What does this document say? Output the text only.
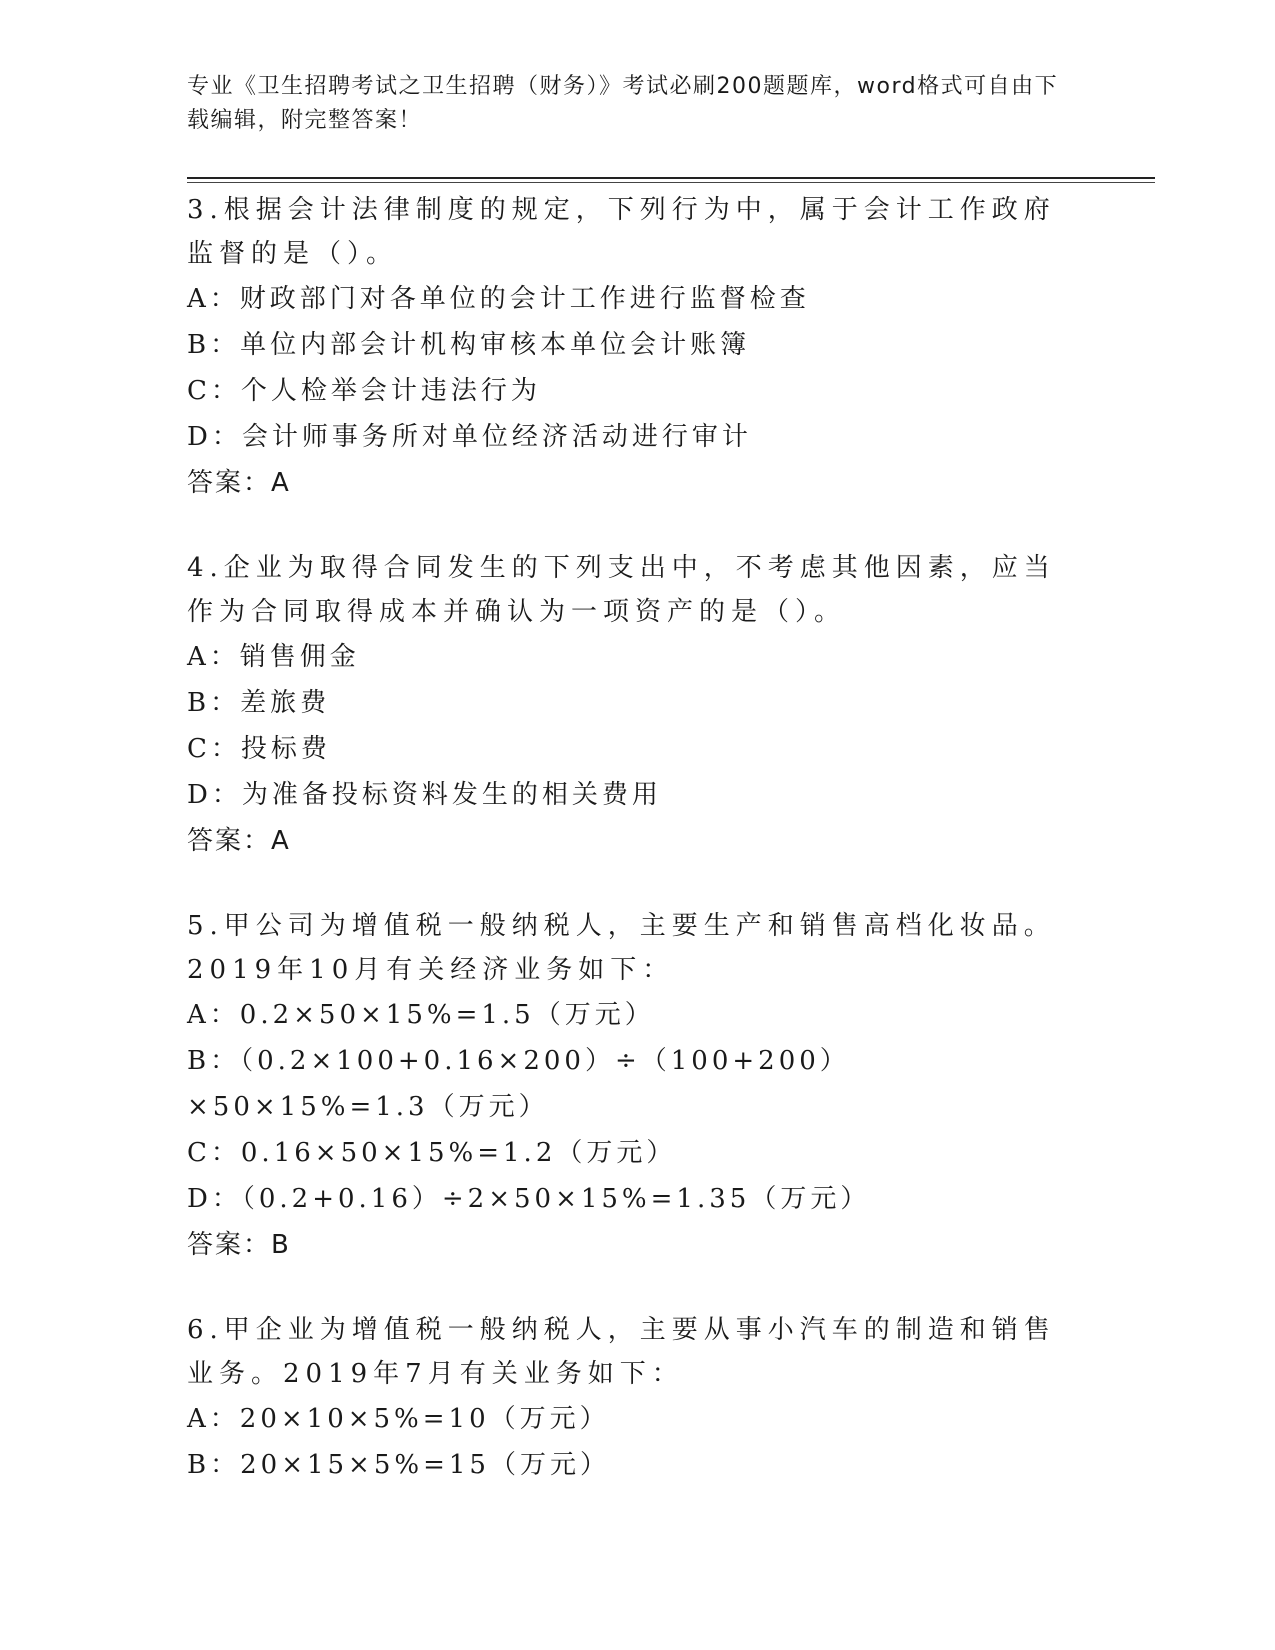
专业《卫生招聘考试之卫生招聘（财务）》考试必刷200题题库，word格式可自由下载编辑，附完整答案！

3.根据会计法律制度的规定，下列行为中，属于会计工作政府监督的是（）。

A：财政部门对各单位的会计工作进行监督检查

B：单位内部会计机构审核本单位会计账簿

C：个人检举会计违法行为

D：会计师事务所对单位经济活动进行审计

答案：A

4.企业为取得合同发生的下列支出中，不考虑其他因素，应当作为合同取得成本并确认为一项资产的是（）。

A：销售佣金

B：差旅费

C：投标费

D：为准备投标资料发生的相关费用

答案：A

5.甲公司为增值税一般纳税人，主要生产和销售高档化妆品。2019年10月有关经济业务如下：

A：0.2×50×15%=1.5（万元）

B：（0.2×100+0.16×200）÷（100+200）×50×15%=1.3（万元）

C：0.16×50×15%=1.2（万元）

D：（0.2+0.16）÷2×50×15%=1.35（万元）

答案：B

6.甲企业为增值税一般纳税人，主要从事小汽车的制造和销售业务。2019年7月有关业务如下：

A：20×10×5%=10（万元）

B：20×15×5%=15（万元）
